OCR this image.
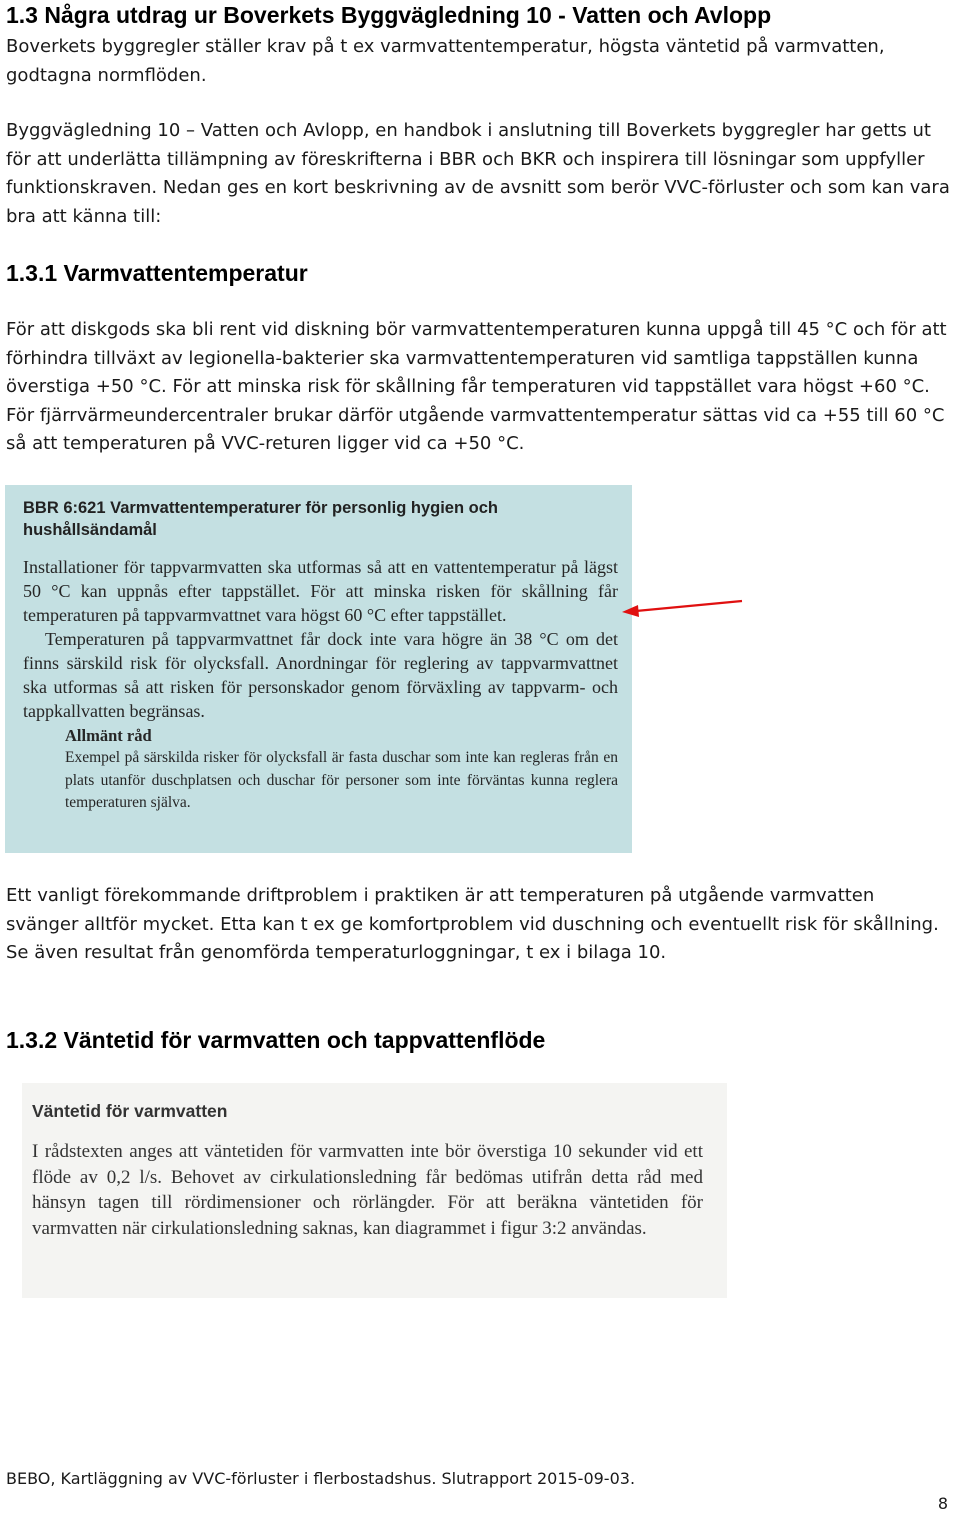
1.3 Några utdrag ur Boverkets Byggvägledning 10 - Vatten och Avlopp
Boverkets byggregler ställer krav på t ex varmvattentemperatur, högsta väntetid på varmvatten, godtagna normflöden.
Byggvägledning 10 – Vatten och Avlopp, en handbok i anslutning till Boverkets byggregler har getts ut för att underlätta tillämpning av föreskrifterna i BBR och BKR och inspirera till lösningar som uppfyller funktionskraven. Nedan ges en kort beskrivning av de avsnitt som berör VVC-förluster och som kan vara bra att känna till:
1.3.1 Varmvattentemperatur
För att diskgods ska bli rent vid diskning bör varmvattentemperaturen kunna uppgå till 45 °C och för att förhindra tillväxt av legionella-bakterier ska varmvattentemperaturen vid samtliga tappställen kunna överstiga +50 °C. För att minska risk för skållning får temperaturen vid tappstället vara högst +60 °C. För fjärrvärmeundercentraler brukar därför utgående varmvattentemperatur sättas vid ca +55 till 60 °C så att temperaturen på VVC-returen ligger vid ca +50 °C.
BBR 6:621 Varmvattentemperaturer för personlig hygien och hushållsändamål
Installationer för tappvarmvatten ska utformas så att en vattentemperatur på lägst 50 °C kan uppnås efter tappstället. För att minska risken för skållning får temperaturen på tappvarmvattnet vara högst 60 °C efter tappstället.

Temperaturen på tappvarmvattnet får dock inte vara högre än 38 °C om det finns särskild risk för olycksfall. Anordningar för reglering av tappvarmvattnet ska utformas så att risken för personskador genom förväxling av tappvarm- och tappkallvatten begränsas.

Allmänt råd
Exempel på särskilda risker för olycksfall är fasta duschar som inte kan regleras från en plats utanför duschplatsen och duschar för personer som inte förväntas kunna reglera temperaturen själva.
Ett vanligt förekommande driftproblem i praktiken är att temperaturen på utgående varmvatten svänger alltför mycket. Etta kan t ex ge komfortproblem vid duschning och eventuellt risk för skållning. Se även resultat från genomförda temperaturloggningar, t ex i bilaga 10.
1.3.2 Väntetid för varmvatten och tappvattenflöde
Väntetid för varmvatten
I rådstexten anges att väntetiden för varmvatten inte bör överstiga 10 sekunder vid ett flöde av 0,2 l/s. Behovet av cirkulationsledning får bedömas utifrån detta råd med hänsyn tagen till rördimensioner och rörlängder. För att beräkna väntetiden för varmvatten när cirkulationsledning saknas, kan diagrammet i figur 3:2 användas.
BEBO, Kartläggning av VVC-förluster i flerbostadshus. Slutrapport 2015-09-03.
8
